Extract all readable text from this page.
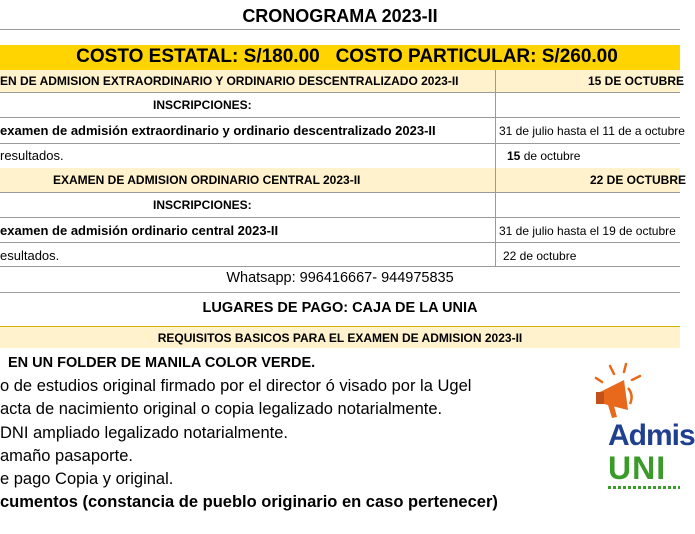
CRONOGRAMA 2023-II
COSTO ESTATAL: S/180.00 COSTO PARTICULAR: S/260.00
EN DE ADMISION EXTRAORDINARIO Y ORDINARIO DESCENTRALIZADO 2023-II	15 DE OCTUBRE
INSCRIPCIONES:
examen de admisión extraordinario y ordinario descentralizado 2023-II	31 de julio hasta el 11 de a octubre
resultados.	15 de octubre
EXAMEN DE ADMISION ORDINARIO CENTRAL 2023-II	22 DE OCTUBRE
INSCRIPCIONES:
examen de admisión ordinario central 2023-II	31 de julio hasta el 19 de octubre
esultados.	22 de octubre
Whatsapp: 996416667- 944975835
LUGARES DE PAGO: CAJA DE LA UNIA
REQUISITOS BASICOS PARA EL EXAMEN DE ADMISION 2023-II
EN UN FOLDER DE MANILA COLOR VERDE.
o de estudios original firmado por el director ó visado por la Ugel
acta de nacimiento original o copia legalizado notarialmente.
DNI ampliado legalizado notarialmente.
amaño pasaporte.
e pago Copia y original.
cumentos (constancia de pueblo originario en caso pertenecer)
Admis
UNI
